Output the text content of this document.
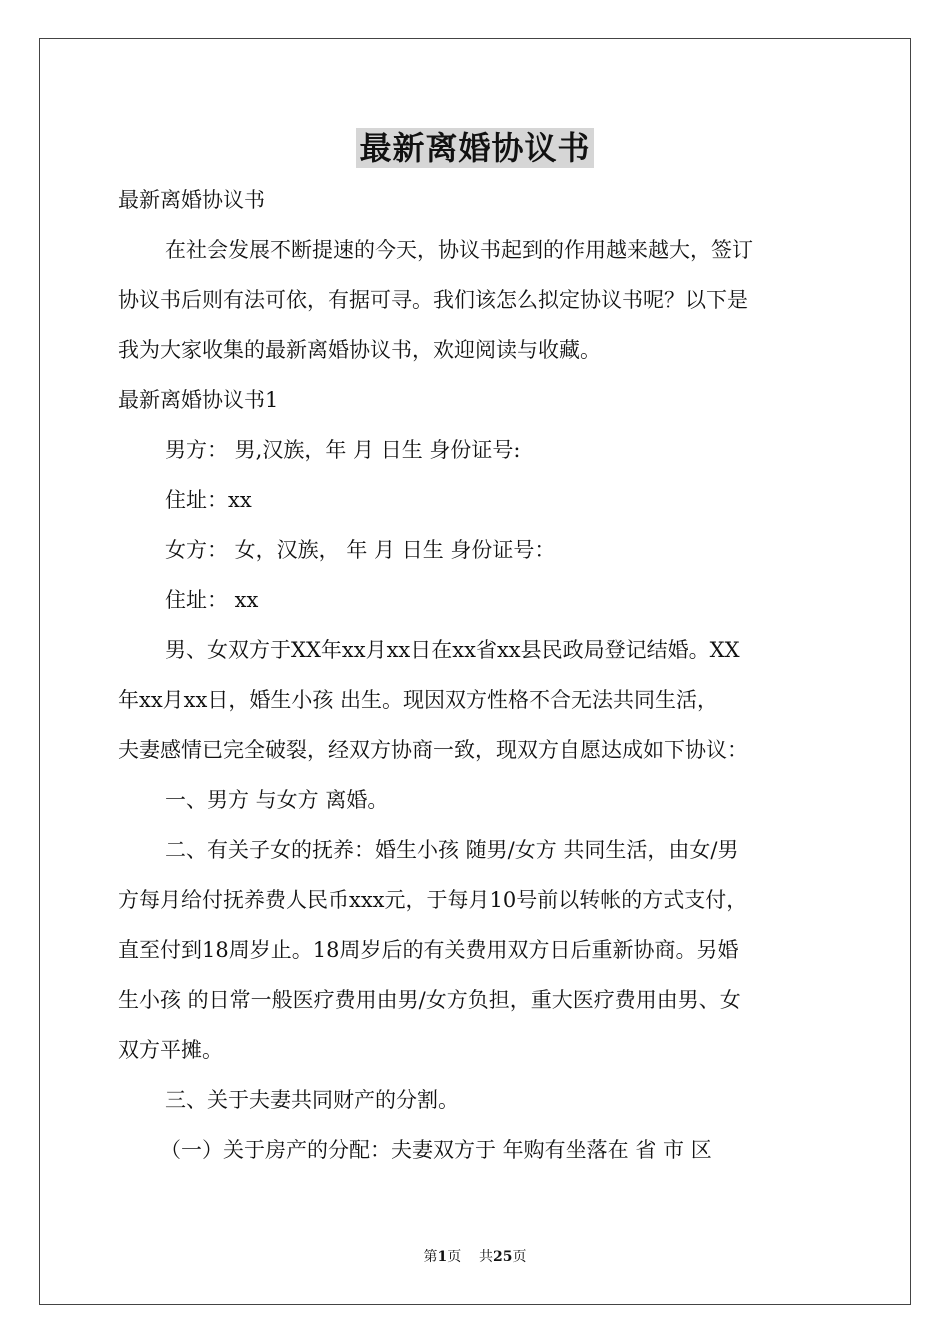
最新离婚协议书
最新离婚协议书
在社会发展不断提速的今天，协议书起到的作用越来越大，签订
协议书后则有法可依，有据可寻。我们该怎么拟定协议书呢？以下是
我为大家收集的最新离婚协议书，欢迎阅读与收藏。
最新离婚协议书1
男方： 男,汉族，年 月 日生 身份证号:
住址：xx
女方： 女，汉族， 年 月 日生 身份证号：
住址： xx
男、女双方于XX年xx月xx日在xx省xx县民政局登记结婚。XX
年xx月xx日，婚生小孩 出生。现因双方性格不合无法共同生活，
夫妻感情已完全破裂，经双方协商一致，现双方自愿达成如下协议：
一、男方 与女方 离婚。
二、有关子女的抚养：婚生小孩 随男/女方 共同生活，由女/男
方每月给付抚养费人民币xxx元，于每月10号前以转帐的方式支付，
直至付到18周岁止。18周岁后的有关费用双方日后重新协商。另婚
生小孩 的日常一般医疗费用由男/女方负担，重大医疗费用由男、女
双方平摊。
三、关于夫妻共同财产的分割。
（一）关于房产的分配：夫妻双方于 年购有坐落在 省 市 区
第1页    共25页
